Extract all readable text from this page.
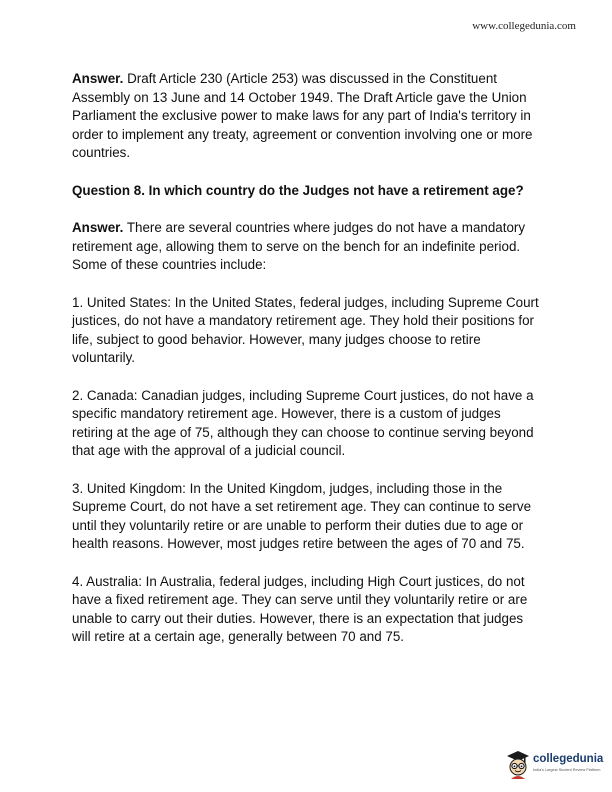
www.collegedunia.com

Answer. Draft Article 230 (Article 253) was discussed in the Constituent Assembly on 13 June and 14 October 1949. The Draft Article gave the Union Parliament the exclusive power to make laws for any part of India's territory in order to implement any treaty, agreement or convention involving one or more countries.

Question 8. In which country do the Judges not have a retirement age?

Answer. There are several countries where judges do not have a mandatory retirement age, allowing them to serve on the bench for an indefinite period. Some of these countries include:

1. United States: In the United States, federal judges, including Supreme Court justices, do not have a mandatory retirement age. They hold their positions for life, subject to good behavior. However, many judges choose to retire voluntarily.

2. Canada: Canadian judges, including Supreme Court justices, do not have a specific mandatory retirement age. However, there is a custom of judges retiring at the age of 75, although they can choose to continue serving beyond that age with the approval of a judicial council.

3. United Kingdom: In the United Kingdom, judges, including those in the Supreme Court, do not have a set retirement age. They can continue to serve until they voluntarily retire or are unable to perform their duties due to age or health reasons. However, most judges retire between the ages of 70 and 75.

4. Australia: In Australia, federal judges, including High Court justices, do not have a fixed retirement age. They can serve until they voluntarily retire or are unable to carry out their duties. However, there is an expectation that judges will retire at a certain age, generally between 70 and 75.

collegedunia
India's Largest Student Review Platform
